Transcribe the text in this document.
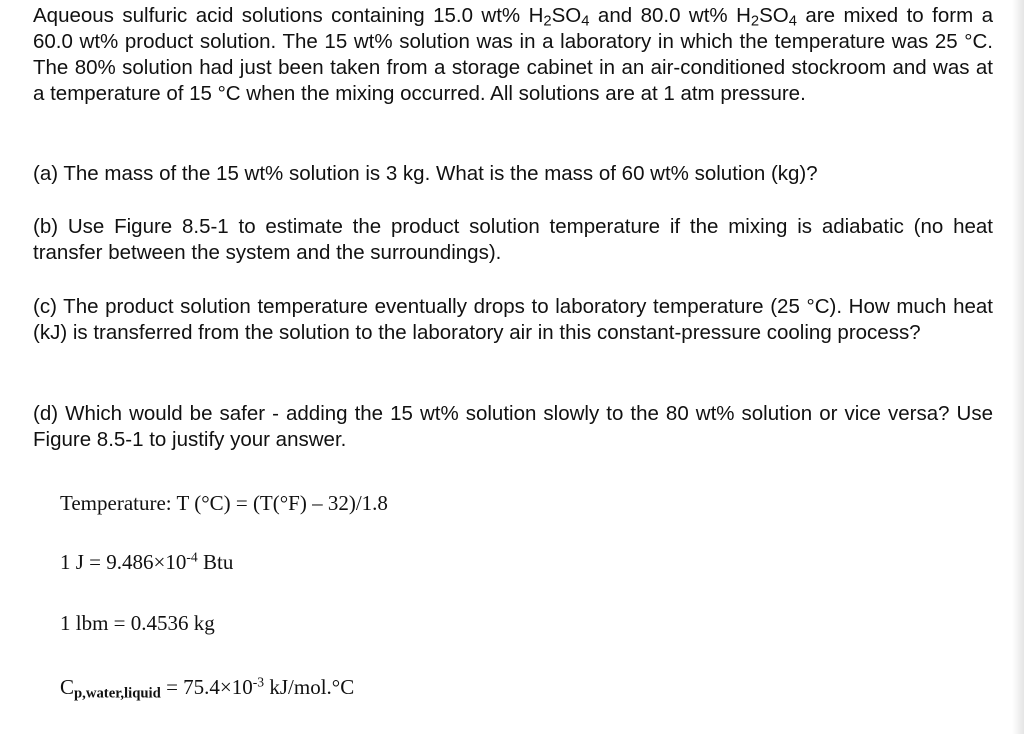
Aqueous sulfuric acid solutions containing 15.0 wt% $H_2SO_4$ and 80.0 wt% $H_2SO_4$ are mixed to form a 60.0 wt% product solution. The 15 wt% solution was in a laboratory in which the temperature was 25 °C. The 80% solution had just been taken from a storage cabinet in an air-conditioned stockroom and was at a temperature of 15 °C when the mixing occurred. All solutions are at 1 atm pressure.

(a) The mass of the 15 wt% solution is 3 kg. What is the mass of 60 wt% solution (kg)?

(b) Use Figure 8.5-1 to estimate the product solution temperature if the mixing is adiabatic (no heat transfer between the system and the surroundings).

(c) The product solution temperature eventually drops to laboratory temperature (25 °C). How much heat (kJ) is transferred from the solution to the laboratory air in this constant-pressure cooling process?

(d) Which would be safer - adding the 15 wt% solution slowly to the 80 wt% solution or vice versa? Use Figure 8.5-1 to justify your answer.

Temperature: T (°C) = (T(°F) – 32)/1.8

1 $J = 9.486\times 10^{-4}$ Btu

1 lbm = 0.4536 kg

Cp,water,liquid = $75.4\times 10^{-3}$ kJ/mol.°C
